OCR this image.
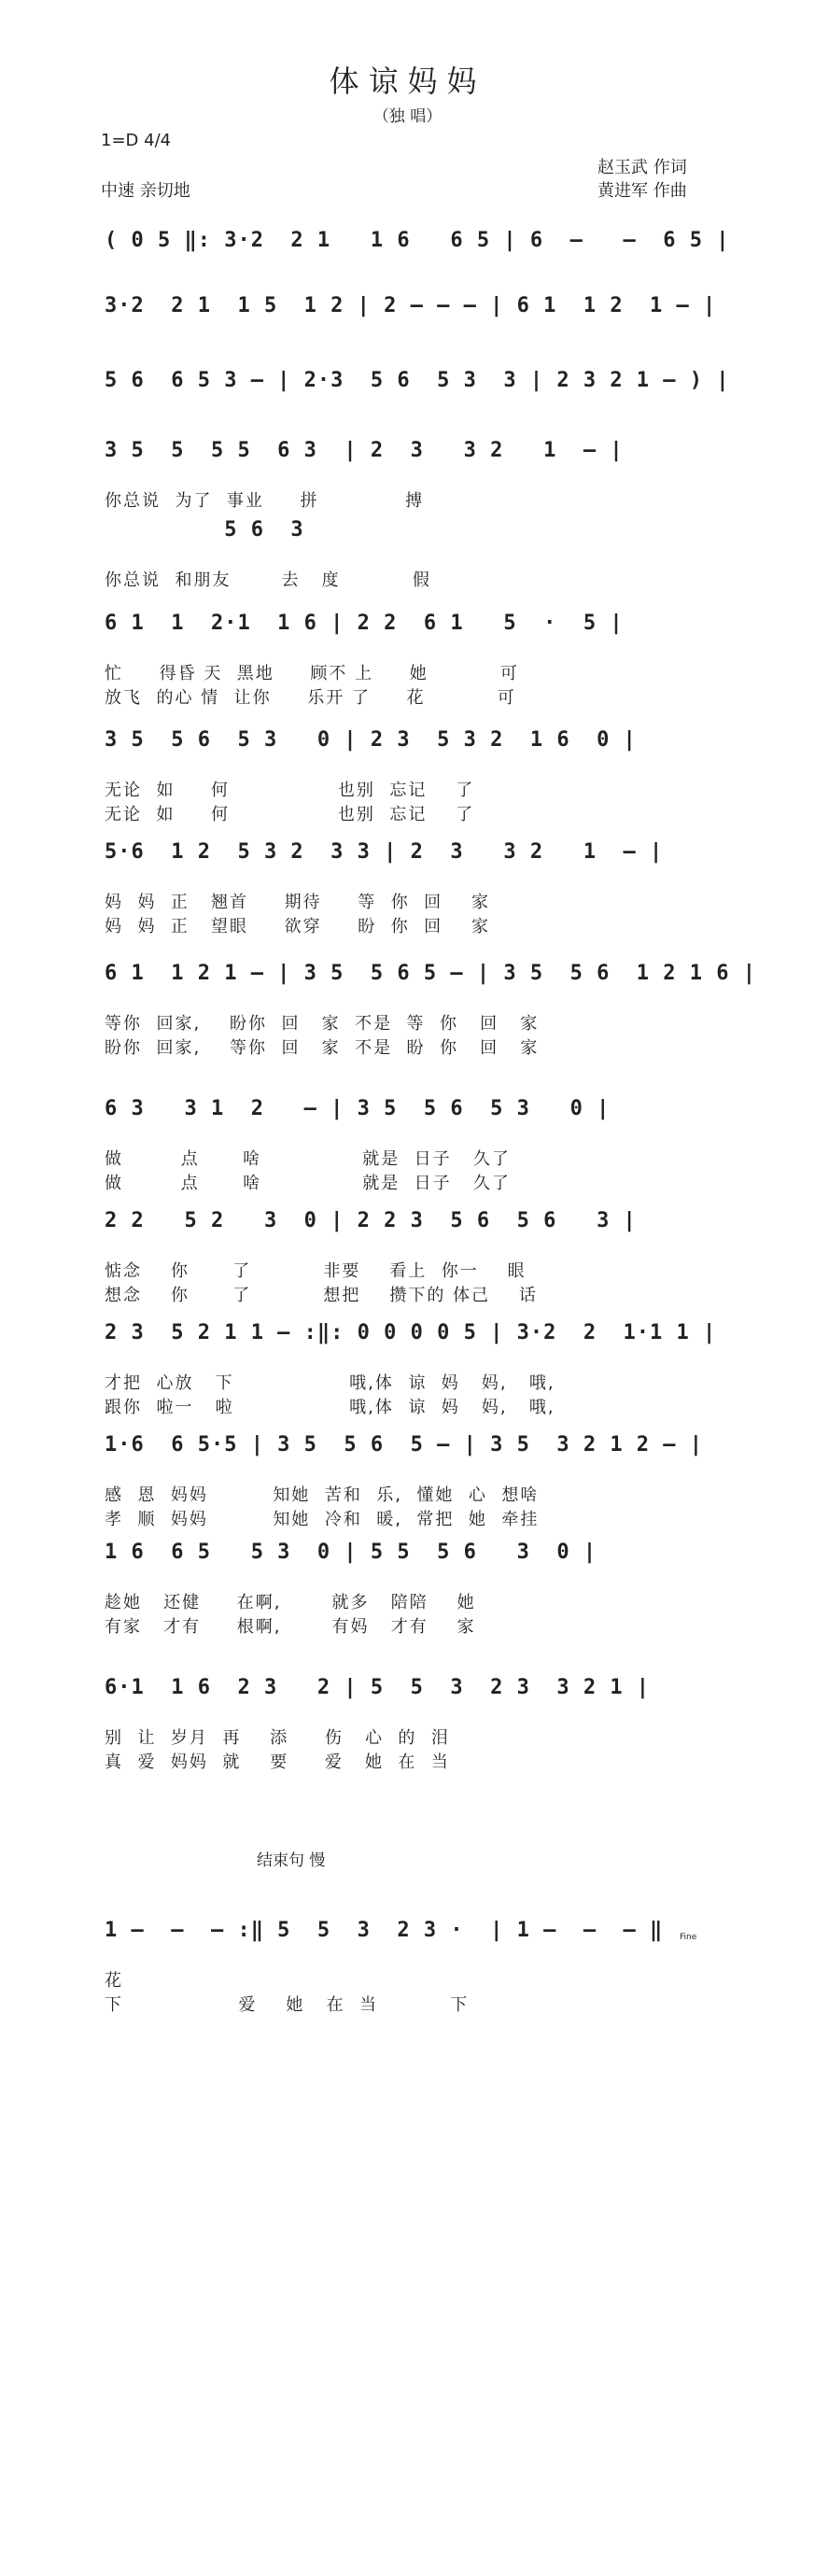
体谅妈妈
（独 唱）
1=D 4/4
中速 亲切地
赵玉武 作词
黄进军 作曲
( 0 5 ‖: 3·2  2 1   1 6   6 5 | 6  —   —  6 5 |
3·2  2 1  1 5  1 2 | 2 — — — | 6 1  1 2  1 — |
5 6  6 5 3 — | 2·3  5 6  5 3  3 | 2 3 2 1 — ) |
3 5  5  5 5  6 3  | 2  3   3 2   1  — |
你总说  为了  事业     拼            搏
5 6  3
你总说  和朋友       去   度          假
6 1  1  2·1  1 6 | 2 2  6 1   5  ·  5 |
忙     得昏 天  黑地     顾不 上     她          可
放飞  的心 情  让你     乐开 了     花          可
3 5  5 6  5 3   0 | 2 3  5 3 2  1 6  0 |
无论  如     何               也别  忘记    了
无论  如     何               也别  忘记    了
5·6  1 2  5 3 2  3 3 | 2  3   3 2   1  — |
妈  妈  正   翘首     期待     等  你  回    家
妈  妈  正   望眼     欲穿     盼  你  回    家
6 1  1 2 1 — | 3 5  5 6 5 — | 3 5  5 6  1 2 1 6 |
等你  回家,    盼你  回   家  不是  等  你   回   家
盼你  回家,    等你  回   家  不是  盼  你   回   家
6 3   3 1  2   — | 3 5  5 6  5 3   0 |
做        点      啥              就是  日子   久了
做        点      啥              就是  日子   久了
2 2   5 2   3  0 | 2 2 3  5 6  5 6   3 |
惦念    你      了          非要    看上  你一    眼
想念    你      了          想把    攒下的 体己    话
2 3  5 2 1 1 — :‖: 0 0 0 0 5 | 3·2  2  1·1 1 |
才把  心放   下                哦,体  谅  妈   妈,   哦,
跟你  啦一   啦                哦,体  谅  妈   妈,   哦,
1·6  6 5·5 | 3 5  5 6  5 — | 3 5  3 2 1 2 — |
感  恩  妈妈         知她  苦和  乐,  懂她  心  想啥
孝  顺  妈妈         知她  冷和  暖,  常把  她  牵挂
1 6  6 5   5 3  0 | 5 5  5 6   3  0 |
趁她   还健     在啊,       就多   陪陪    她
有家   才有     根啊,       有妈   才有    家
6·1  1 6  2 3   2 | 5  5  3  2 3  3 2 1 |
别  让  岁月  再    添     伤   心  的  泪
真  爱  妈妈  就    要     爱   她  在  当
1 —  —  — :‖ 5  5  3  2 3 ·  | 1 —  —  — ‖
花
下                爱    她   在  当          下
结束句 慢
Fine
